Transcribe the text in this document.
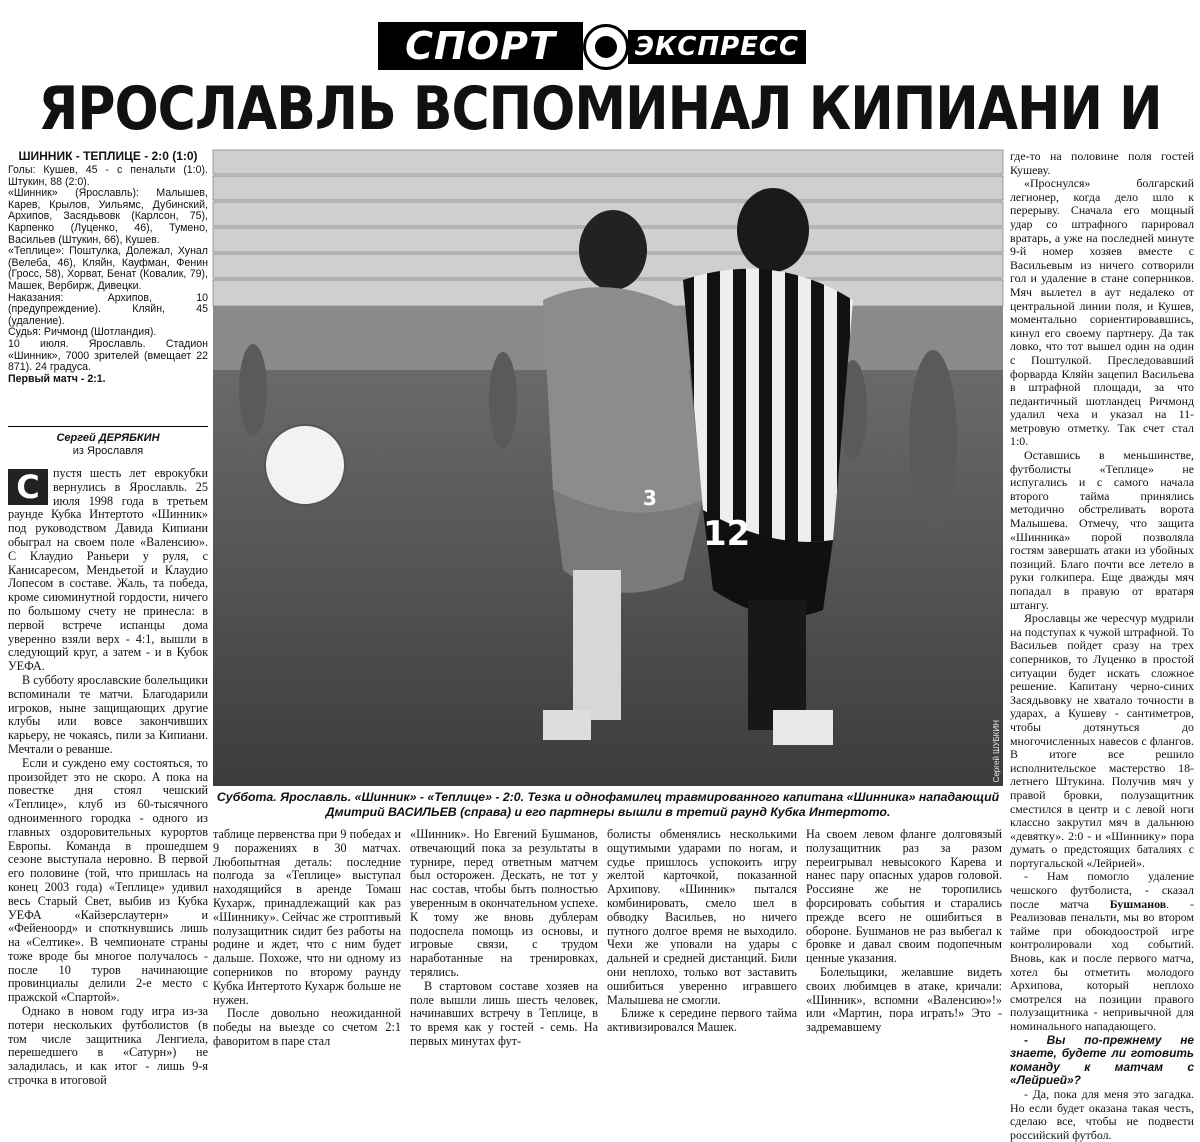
СПОРТ	ЭКСПРЕСС
ЯРОСЛАВЛЬ ВСПОМИНАЛ КИПИАНИ И
ШИННИК - ТЕПЛИЦЕ - 2:0 (1:0)

Голы: Кушев, 45 - с пенальти (1:0). Штукин, 88 (2:0).

«Шинник» (Ярославль): Малышев, Карев, Крылов, Уильямс, Дубинский, Архипов, Засядьвовк (Карлсон, 75), Карпенко (Луценко, 46), Тумено, Васильев (Штукин, 66), Кушев.

«Теплице»: Поштулка, Долежал, Хунал (Велеба, 46), Кляйн, Кауфман, Фенин (Гросс, 58), Хорват, Бенат (Ковалик, 79), Машек, Вербирж, Дивецки.

Наказания: Архипов, 10 (предупреждение). Кляйн, 45 (удаление).

Судья: Ричмонд (Шотландия).

10 июля. Ярославль. Стадион «Шинник», 7000 зрителей (вмещает 22 871). 24 градуса.

Первый матч - 2:1.

Сергей ДЕРЯБКИН
из Ярославля

С	пустя шесть лет еврокубки вернулись в Ярославль. 25 июля 1998 года в третьем раунде Кубка Интертото «Шинник» под руководством Давида Кипиани обыграл на своем поле «Валенсию». С Клаудио Раньери у руля, с Канисаресом, Мендьетой и Клаудио Лопесом в составе. Жаль, та победа, кроме сиюминутной гордости, ничего по большому счету не принесла: в первой встрече испанцы дома уверенно взяли верх - 4:1, вышли в следующий круг, а затем - и в Кубок УЕФА.

В субботу ярославские болельщики вспоминали те матчи. Благодарили игроков, ныне защищающих другие клубы или вовсе закончивших карьеру, не чокаясь, пили за Кипиани. Мечтали о реванше.

Если и суждено ему состояться, то произойдет это не скоро. А пока на повестке дня стоял чешский «Теплице», клуб из 60-тысячного одноименного городка - одного из главных оздоровительных курортов Европы. Команда в прошедшем сезоне выступала неровно. В первой его половине (той, что пришлась на конец 2003 года) «Теплице» удивил весь Старый Свет, выбив из Кубка УЕФА «Кайзерслаутерн» и «Фейеноорд» и споткнувшись лишь на «Селтике». В чемпионате страны тоже вроде бы многое получалось - после 10 туров начинающие провинциалы делили 2-е место с пражской «Спартой».

Однако в новом году игра из-за потери нескольких футболистов (в том числе защитника Ленгиела, перешедшего в «Сатурн») не заладилась, и как итог - лишь 9-я строчка в итоговой

12
3
Сергей ШУБКИН
Суббота. Ярославль. «Шинник» - «Теплице» - 2:0. Тезка и однофамилец травмированного капитана «Шинника» нападающий Дмитрий ВАСИЛЬЕВ (справа) и его партнеры вышли в третий раунд Кубка Интертото.

где-то на половине поля гостей Кушеву.

«Проснулся» болгарский легионер, когда дело шло к перерыву. Сначала его мощный удар со штрафного парировал вратарь, а уже на последней минуте 9-й номер хозяев вместе с Васильевым из ничего сотворили гол и удаление в стане соперников. Мяч вылетел в аут недалеко от центральной линии поля, и Кушев, моментально сориентировавшись, кинул его своему партнеру. Да так ловко, что тот вышел один на один с Поштулкой. Преследовавший форварда Кляйн зацепил Васильева в штрафной площади, за что педантичный шотландец Ричмонд удалил чеха и указал на 11-метровую отметку. Так счет стал 1:0.

Оставшись в меньшинстве, футболисты «Теплице» не испугались и с самого начала второго тайма принялись методично обстреливать ворота Малышева. Отмечу, что защита «Шинника» порой позволяла гостям завершать атаки из убойных позиций. Благо почти все летело в руки голкипера. Еще дважды мяч попадал в правую от вратаря штангу.

Ярославцы же чересчур мудрили на подступах к чужой штрафной. То Васильев пойдет сразу на трех соперников, то Луценко в простой ситуации будет искать сложное решение. Капитану черно-синих Засядьвовку не хватало точности в ударах, а Кушеву - сантиметров, чтобы дотянуться до многочисленных навесов с флангов. В итоге все решило исполнительское мастерство 18-летнего Штукина. Получив мяч у правой бровки, полузащитник сместился в центр и с левой ноги классно закрутил мяч в дальнюю «девятку». 2:0 - и «Шиннику» пора думать о предстоящих баталиях с португальской «Лейрией».

- Нам помогло удаление чешского футболиста, - сказал после матча Бушманов. - Реализовав пенальти, мы во втором тайме при обоюдоострой игре контролировали ход событий. Вновь, как и после первого матча, хотел бы отметить молодого Архипова, который неплохо смотрелся на позиции правого полузащитника - непривычной для номинального нападающего.

- Вы по-прежнему не знаете, будете ли готовить команду к матчам с «Лейрией»?

- Да, пока для меня это загадка. Но если будет оказана такая честь, сделаю все, чтобы не подвести российский футбол.

таблице первенства при 9 победах и 9 поражениях в 30 матчах. Любопытная деталь: последние полгода за «Теплице» выступал находящийся в аренде Томаш Кухарж, принадлежащий как раз «Шиннику». Сейчас же строптивый полузащитник сидит без работы на родине и ждет, что с ним будет дальше. Похоже, что ни одному из соперников по второму раунду Кубка Интертото Кухарж больше не нужен.

После довольно неожиданной победы на выезде со счетом 2:1 фаворитом в паре стал

«Шинник». Но Евгений Бушманов, отвечающий пока за результаты в турнире, перед ответным матчем был осторожен. Дескать, не тот у нас состав, чтобы быть полностью уверенным в окончательном успехе. К тому же вновь дублерам подоспела помощь из основы, и игровые связи, с трудом наработанные на тренировках, терялись.

В стартовом составе хозяев на поле вышли лишь шесть человек, начинавших встречу в Теплице, в то время как у гостей - семь. На первых минутах фут-

болисты обменялись несколькими ощутимыми ударами по ногам, и судье пришлось успокоить игру желтой карточкой, показанной Архипову. «Шинник» пытался комбинировать, смело шел в обводку Васильев, но ничего путного долгое время не выходило. Чехи же уповали на удары с дальней и средней дистанций. Били они неплохо, только вот заставить ошибиться уверенно игравшего Малышева не смогли.

Ближе к середине первого тайма активизировался Машек.

На своем левом фланге долговязый полузащитник раз за разом переигрывал невысокого Карева и нанес пару опасных ударов головой. Россияне же не торопились форсировать события и старались прежде всего не ошибиться в обороне. Бушманов не раз выбегал к бровке и давал своим подопечным ценные указания.

Болельщики, желавшие видеть своих любимцев в атаке, кричали: «Шинник», вспомни «Валенсию»!» или «Мартин, пора играть!» Это - задремавшему
